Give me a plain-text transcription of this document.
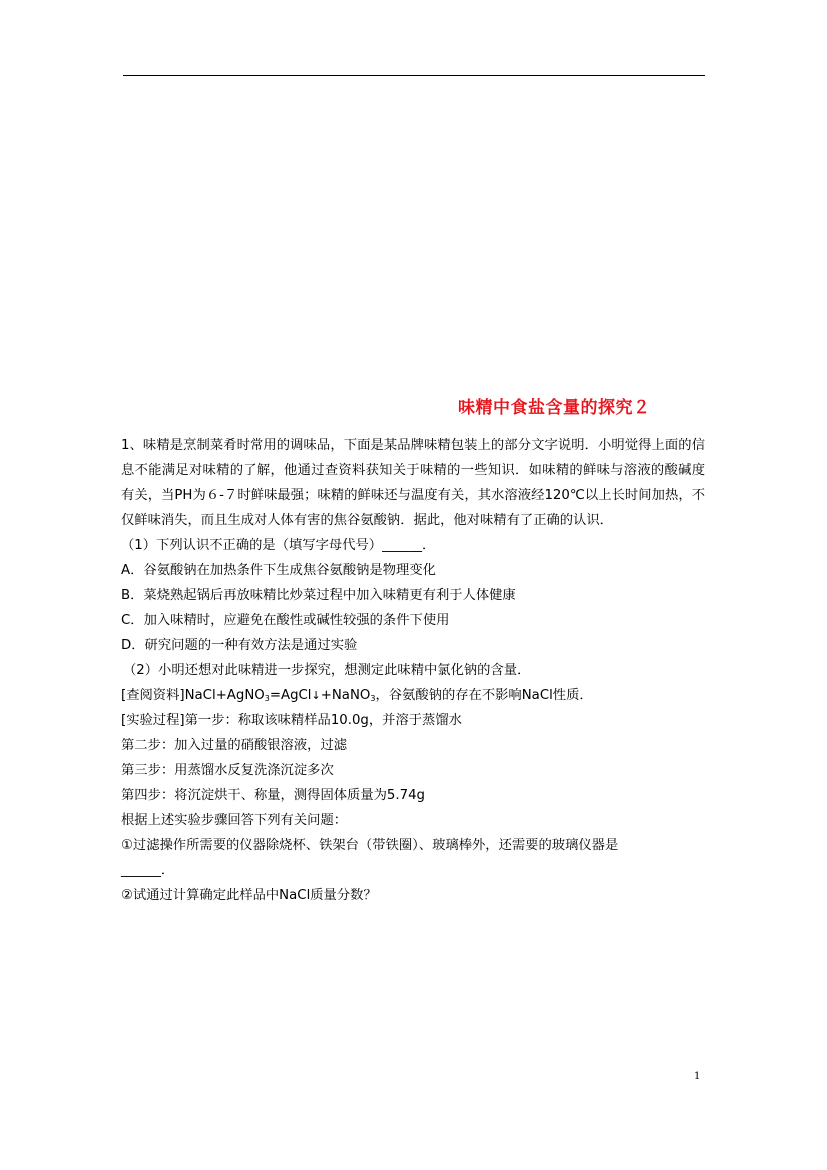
味精中食盐含量的探究２

1、味精是烹制菜肴时常用的调味品，下面是某品牌味精包装上的部分文字说明．小明觉得上面的信息不能满足对味精的了解，他通过查资料获知关于味精的一些知识．如味精的鲜味与溶液的酸碱度有关，当PH为６-７时鲜味最强；味精的鲜味还与温度有关，其水溶液经120℃以上长时间加热，不仅鲜味消失，而且生成对人体有害的焦谷氨酸钠．据此，他对味精有了正确的认识．

（1）下列认识不正确的是（填写字母代号）______．

A．谷氨酸钠在加热条件下生成焦谷氨酸钠是物理变化

B．菜烧熟起锅后再放味精比炒菜过程中加入味精更有利于人体健康

C．加入味精时，应避免在酸性或碱性较强的条件下使用

D．研究问题的一种有效方法是通过实验

（2）小明还想对此味精进一步探究，想测定此味精中氯化钠的含量．

[查阅资料]NaCl+AgNO$_3$=AgCl↓+NaNO$_3$，谷氨酸钠的存在不影响NaCl性质．

[实验过程]第一步：称取该味精样品10.0g，并溶于蒸馏水

第二步：加入过量的硝酸银溶液，过滤

第三步：用蒸馏水反复洗涤沉淀多次

第四步：将沉淀烘干、称量，测得固体质量为5.74g

根据上述实验步骤回答下列有关问题：

①过滤操作所需要的仪器除烧杯、铁架台（带铁圈）、玻璃棒外，还需要的玻璃仪器是

______．

②试通过计算确定此样品中NaCl质量分数？

1
